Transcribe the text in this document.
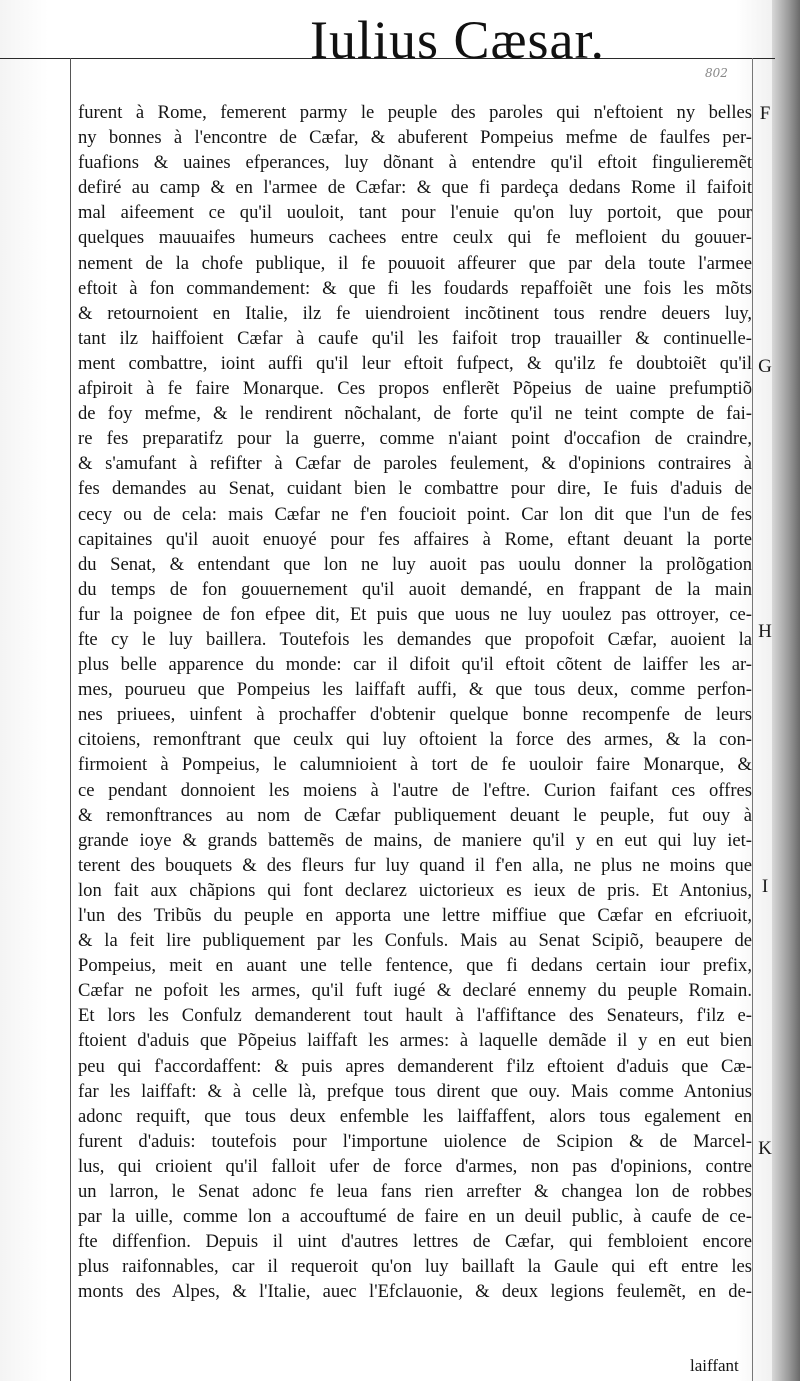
Iulius Cæsar.
802
furent à Rome, femerent parmy le peuple des paroles qui n'eftoient ny belles
ny bonnes à l'encontre de Cæfar, & abuferent Pompeius mefme de faulfes per-
fuafions & uaines efperances, luy dõnant à entendre qu'il eftoit fingulieremẽt
defiré au camp & en l'armee de Cæfar: & que fi pardeça dedans Rome il faifoit
mal aifeement ce qu'il uouloit, tant pour l'enuie qu'on luy portoit, que pour
quelques mauuaifes humeurs cachees entre ceulx qui fe mefloient du gouuer-
nement de la chofe publique, il fe pouuoit affeurer que par dela toute l'armee
eftoit à fon commandement: & que fi les foudards repaffoiẽt une fois les mõts
& retournoient en Italie, ilz fe uiendroient incõtinent tous rendre deuers luy,
tant ilz haiffoient Cæfar à caufe qu'il les faifoit trop trauailler & continuelle-
ment combattre, ioint auffi qu'il leur eftoit fufpect, & qu'ilz fe doubtoiẽt qu'il
afpiroit à fe faire Monarque. Ces propos enflerẽt Põpeius de uaine prefumptiõ
de foy mefme, & le rendirent nõchalant, de forte qu'il ne teint compte de fai-
re fes preparatifz pour la guerre, comme n'aiant point d'occafion de craindre,
& s'amufant à refifter à Cæfar de paroles feulement, & d'opinions contraires à
fes demandes au Senat, cuidant bien le combattre pour dire, Ie fuis d'aduis de
cecy ou de cela: mais Cæfar ne f'en foucioit point. Car lon dit que l'un de fes
capitaines qu'il auoit enuoyé pour fes affaires à Rome, eftant deuant la porte
du Senat, & entendant que lon ne luy auoit pas uoulu donner la prolõgation
du temps de fon gouuernement qu'il auoit demandé, en frappant de la main
fur la poignee de fon efpee dit, Et puis que uous ne luy uoulez pas ottroyer, ce-
fte cy le luy baillera. Toutefois les demandes que propofoit Cæfar, auoient la
plus belle apparence du monde: car il difoit qu'il eftoit cõtent de laiffer les ar-
mes, pourueu que Pompeius les laiffaft auffi, & que tous deux, comme perfon-
nes priuees, uinfent à prochaffer d'obtenir quelque bonne recompenfe de leurs
citoiens, remonftrant que ceulx qui luy oftoient la force des armes, & la con-
firmoient à Pompeius, le calumnioient à tort de fe uouloir faire Monarque, &
ce pendant donnoient les moiens à l'autre de l'eftre. Curion faifant ces offres
& remonftrances au nom de Cæfar publiquement deuant le peuple, fut ouy à
grande ioye & grands battemẽs de mains, de maniere qu'il y en eut qui luy iet-
terent des bouquets & des fleurs fur luy quand il f'en alla, ne plus ne moins que
lon fait aux chãpions qui font declarez uictorieux es ieux de pris. Et Antonius,
l'un des Tribũs du peuple en apporta une lettre miffiue que Cæfar en efcriuoit,
& la feit lire publiquement par les Confuls. Mais au Senat Scipiõ, beaupere de
Pompeius, meit en auant une telle fentence, que fi dedans certain iour prefix,
Cæfar ne pofoit les armes, qu'il fuft iugé & declaré ennemy du peuple Romain.
Et lors les Confulz demanderent tout hault à l'affiftance des Senateurs, f'ilz e-
ftoient d'aduis que Põpeius laiffaft les armes: à laquelle demãde il y en eut bien
peu qui f'accordaffent: & puis apres demanderent f'ilz eftoient d'aduis que Cæ-
far les laiffaft: & à celle là, prefque tous dirent que ouy. Mais comme Antonius
adonc requift, que tous deux enfemble les laiffaffent, alors tous egalement en
furent d'aduis: toutefois pour l'importune uiolence de Scipion & de Marcel-
lus, qui crioient qu'il falloit ufer de force d'armes, non pas d'opinions, contre
un larron, le Senat adonc fe leua fans rien arrefter & changea lon de robbes
par la uille, comme lon a accouftumé de faire en un deuil public, à caufe de ce-
fte diffenfion. Depuis il uint d'autres lettres de Cæfar, qui fembloient encore
plus raifonnables, car il requeroit qu'on luy baillaft la Gaule qui eft entre les
monts des Alpes, & l'Italie, auec l'Efclauonie, & deux legions feulemẽt, en de-
F
G
H
I
K
laiffant
